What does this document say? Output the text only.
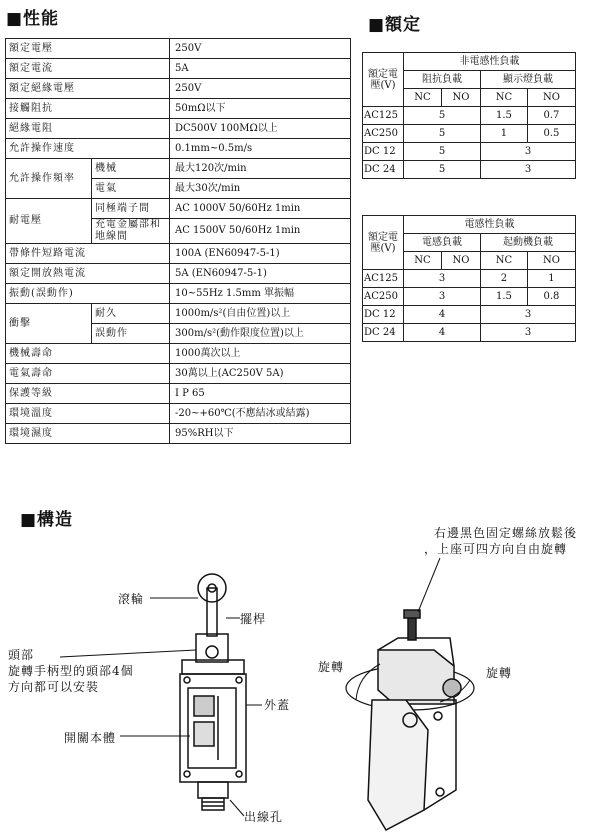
■性能	■額定
■構造
額定電壓		250V
額定電流		5A
額定絕緣電壓		250V
接觸阻抗		50mΩ以下
絕緣電阻		DC500V 100MΩ以上
允許操作速度		0.1mm~0.5m/s
允許操作頻率	機械	最大120次/min
	電氣	最大30次/min
耐電壓	同極端子間	AC 1000V 50/60Hz 1min
	充電金屬部和地線間	AC 1500V 50/60Hz 1min
帶條件短路電流		100A (EN60947-5-1)
額定開放熱電流		5A (EN60947-5-1)
振動(誤動作)		10~55Hz 1.5mm 單振幅
衝擊	耐久	1000m/s²(自由位置)以上
	誤動作	300m/s²(動作限度位置)以上
機械壽命		1000萬次以上
電氣壽命		30萬以上(AC250V 5A)
保護等級		I P 65
環境溫度		-20~+60℃(不應結冰或結露)
環境濕度		95%RH以下
額定電壓(V)	非電感性負載			
	阻抗負載		顯示燈負載	
	NC	NO	NC	NO
AC125	5		1.5	0.7
AC250	5		1	0.5
DC 12	5		3	
DC 24	5		3	
額定電壓(V)	電感性負載			
	電感負載		起動機負載	
	NC	NO	NC	NO
AC125	3		2	1
AC250	3		1.5	0.8
DC 12	4		3	
DC 24	4		3	
滾輪
擺桿
頭部
旋轉手柄型的頭部4個
方向都可以安裝
外蓋
開關本體
出線孔
右邊黑色固定螺絲放鬆後
，上座可四方向自由旋轉
旋轉	旋轉
